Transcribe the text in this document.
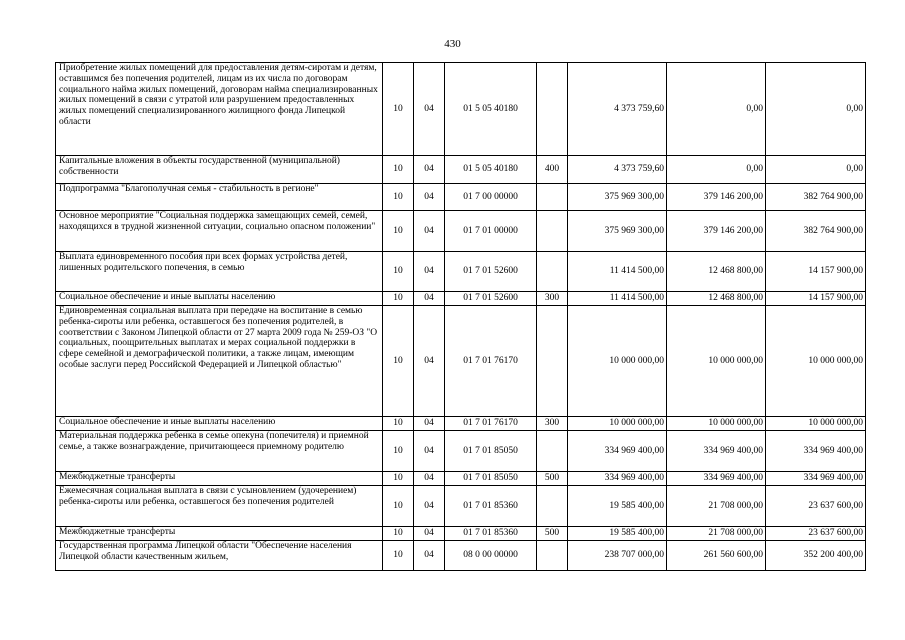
430
Приобретение жилых помещений для предоставления детям-сиротам и детям, оставшимся без попечения родителей, лицам из их числа по договорам социального найма жилых помещений, договорам найма специализированных жилых помещений в связи с утратой или разрушением предоставленных жилых помещений специализированного жилищного фонда Липецкой области	10	04	01 5 05 40180		4 373 759,60	0,00	0,00
Капитальные вложения в объекты государственной (муниципальной) собственности	10	04	01 5 05 40180	400	4 373 759,60	0,00	0,00
Подпрограмма "Благополучная семья - стабильность в регионе"	10	04	01 7 00 00000		375 969 300,00	379 146 200,00	382 764 900,00
Основное мероприятие "Социальная поддержка замещающих семей, семей, находящихся в трудной жизненной ситуации, социально опасном положении"	10	04	01 7 01 00000		375 969 300,00	379 146 200,00	382 764 900,00
Выплата единовременного пособия при всех формах устройства детей, лишенных родительского попечения, в семью	10	04	01 7 01 52600		11 414 500,00	12 468 800,00	14 157 900,00
Социальное обеспечение и иные выплаты населению	10	04	01 7 01 52600	300	11 414 500,00	12 468 800,00	14 157 900,00
Единовременная социальная выплата при передаче на воспитание в семью ребенка-сироты или ребенка, оставшегося без попечения родителей, в соответствии с Законом Липецкой области от 27 марта 2009 года № 259-ОЗ "О социальных, поощрительных выплатах и мерах социальной поддержки в сфере семейной и демографической политики, а также лицам, имеющим особые заслуги перед Российской Федерацией и Липецкой областью"	10	04	01 7 01 76170		10 000 000,00	10 000 000,00	10 000 000,00
Социальное обеспечение и иные выплаты населению	10	04	01 7 01 76170	300	10 000 000,00	10 000 000,00	10 000 000,00
Материальная поддержка ребенка в семье опекуна (попечителя) и приемной семье, а также вознаграждение, причитающееся приемному родителю	10	04	01 7 01 85050		334 969 400,00	334 969 400,00	334 969 400,00
Межбюджетные трансферты	10	04	01 7 01 85050	500	334 969 400,00	334 969 400,00	334 969 400,00
Ежемесячная социальная выплата в связи с усыновлением (удочерением) ребенка-сироты или ребенка, оставшегося без попечения родителей	10	04	01 7 01 85360		19 585 400,00	21 708 000,00	23 637 600,00
Межбюджетные трансферты	10	04	01 7 01 85360	500	19 585 400,00	21 708 000,00	23 637 600,00
Государственная программа Липецкой области "Обеспечение населения Липецкой области качественным жильем,	10	04	08 0 00 00000		238 707 000,00	261 560 600,00	352 200 400,00
